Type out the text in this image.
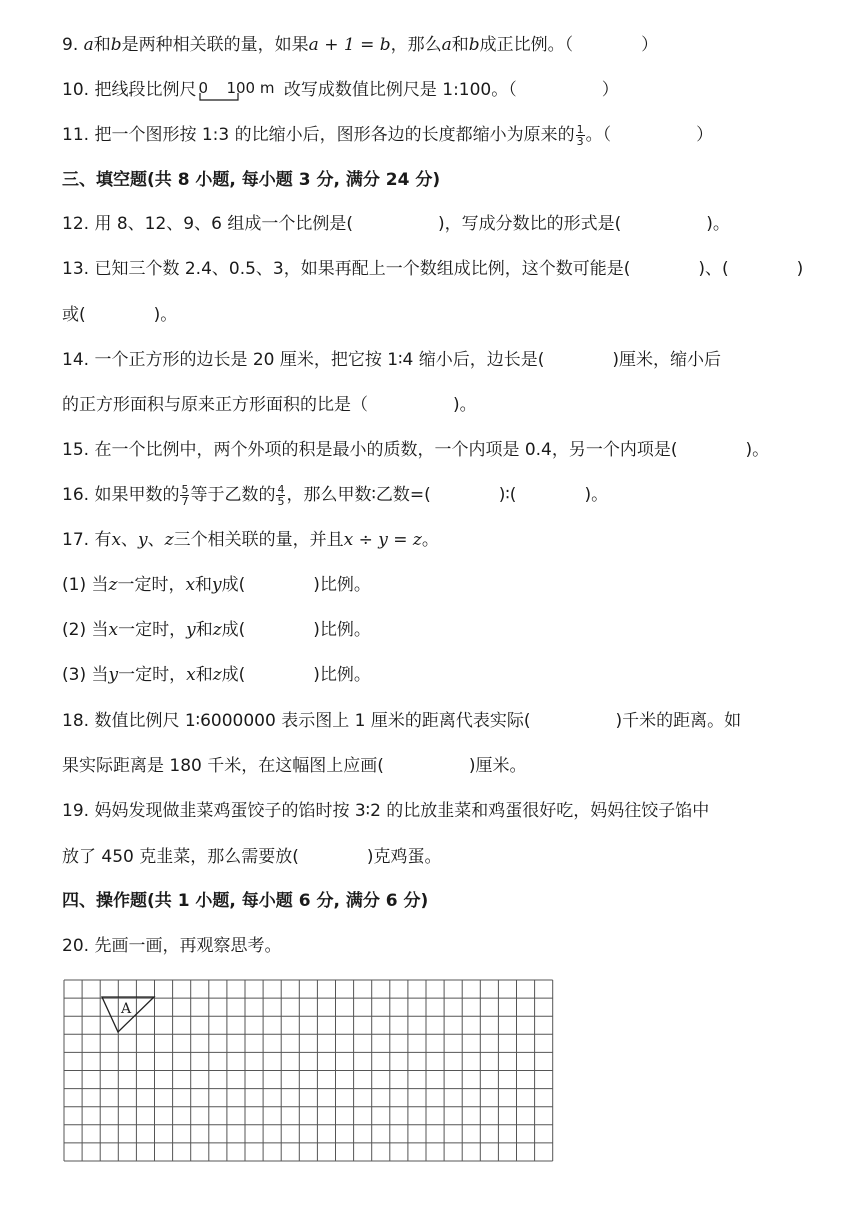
9. a和b是两种相关联的量，如果a + 1 = b，那么a和b成正比例。（　　　　）
10. 把线段比例尺 0 100 m 改写成数值比例尺是 1:100。（　　　　　）
11. 把一个图形按 1:3 的比缩小后，图形各边的长度都缩小为原来的 $\frac{1}{3}$ 。（　　　　　）
三、填空题(共 8 小题, 每小题 3 分, 满分 24 分)
12. 用 8、12、9、6 组成一个比例是(　　　　　)，写成分数比的形式是(　　　　　)。
13. 已知三个数 2.4、0.5、3，如果再配上一个数组成比例，这个数可能是(　　　　)、(　　　　)
或(　　　　)。
14. 一个正方形的边长是 20 厘米，把它按 1∶4 缩小后，边长是(　　　　)厘米，缩小后
的正方形面积与原来正方形面积的比是（　　　　　)。
15. 在一个比例中，两个外项的积是最小的质数，一个内项是 0.4，另一个内项是(　　　　)。
16. 如果甲数的 $\frac{5}{7}$ 等于乙数的 $\frac{4}{5}$ ，那么甲数∶乙数=(　　　　)∶(　　　　)。
17. 有x、y、z三个相关联的量，并且x ÷ y = z。
(1) 当z一定时，x和y成(　　　　)比例。
(2) 当x一定时，y和z成(　　　　)比例。
(3) 当y一定时，x和z成(　　　　)比例。
18. 数值比例尺 1∶6000000 表示图上 1 厘米的距离代表实际(　　　　　)千米的距离。如
果实际距离是 180 千米，在这幅图上应画(　　　　　)厘米。
19. 妈妈发现做韭菜鸡蛋饺子的馅时按 3∶2 的比放韭菜和鸡蛋很好吃，妈妈往饺子馅中
放了 450 克韭菜，那么需要放(　　　　)克鸡蛋。
四、操作题(共 1 小题, 每小题 6 分, 满分 6 分)
20. 先画一画，再观察思考。
A
